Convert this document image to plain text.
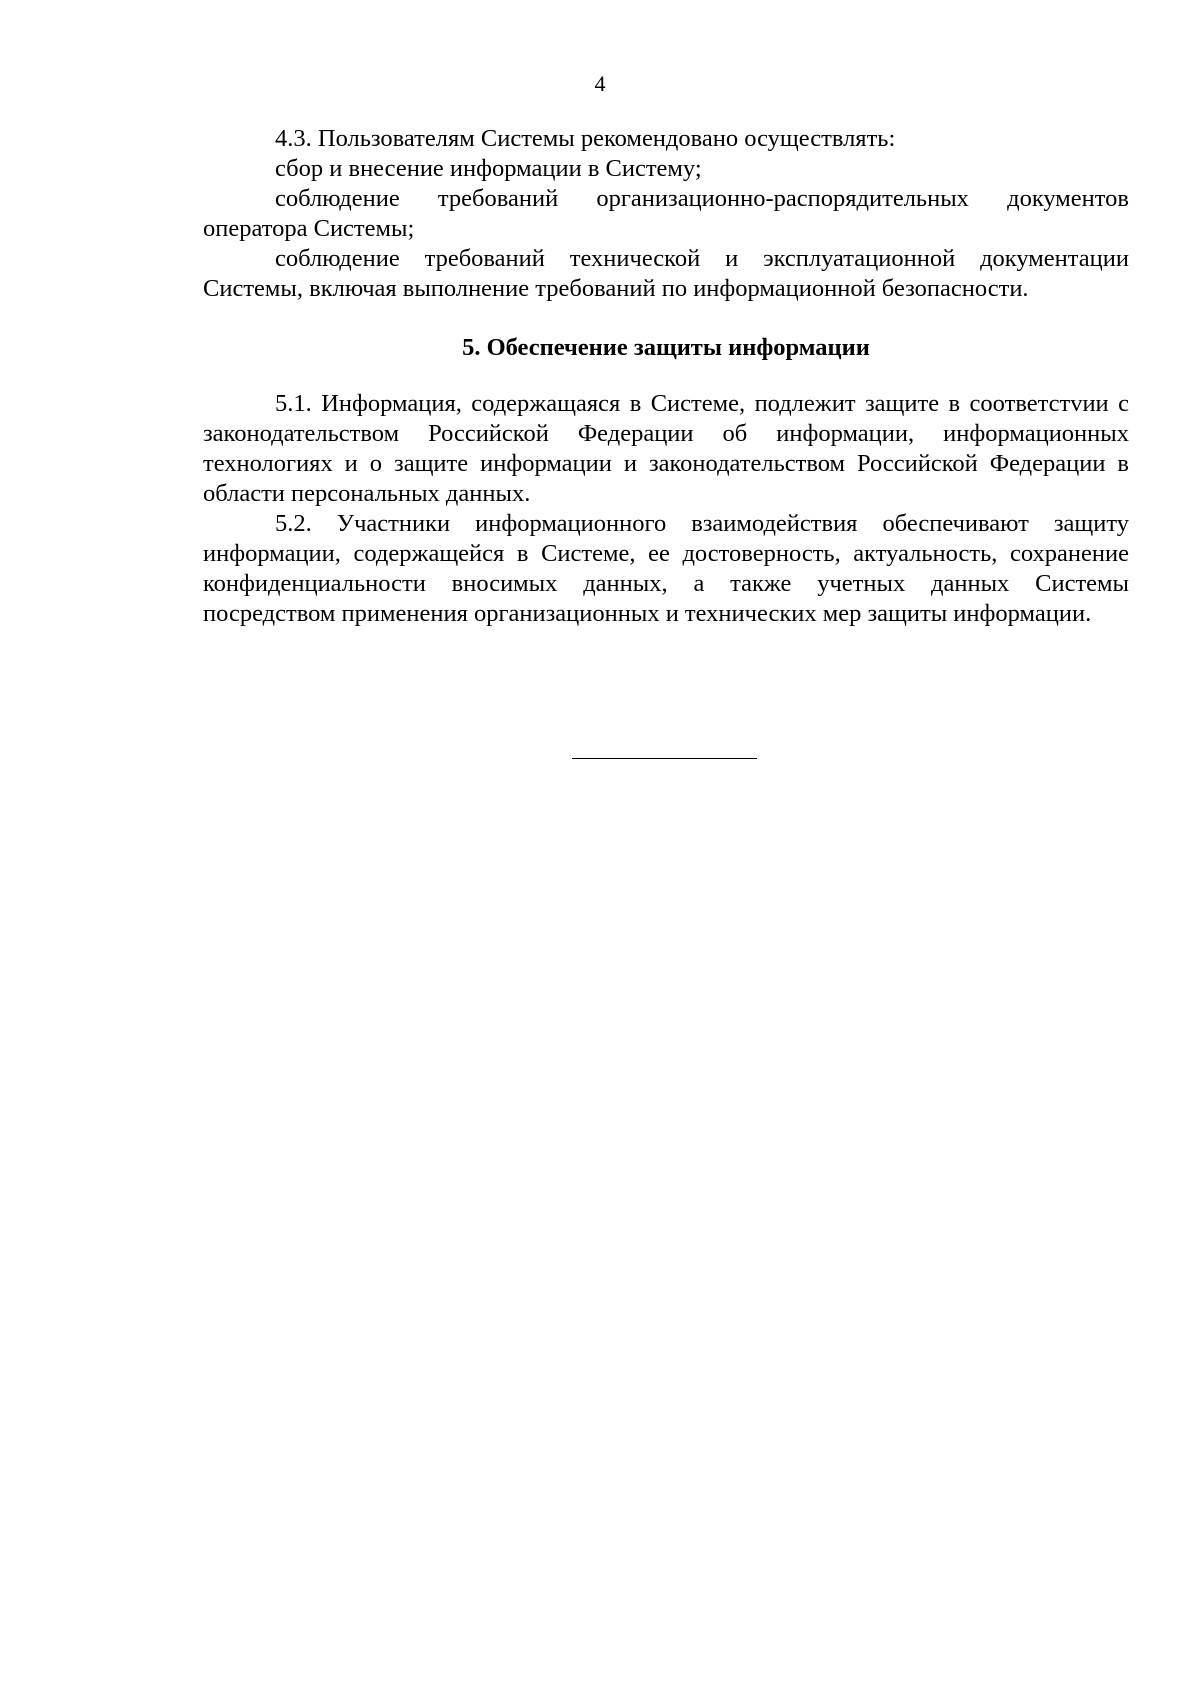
4

4.3. Пользователям Системы рекомендовано осуществлять:

сбор и внесение информации в Систему;

соблюдение требований организационно-распорядительных документов оператора Системы;

соблюдение требований технической и эксплуатационной документации Системы, включая выполнение требований по информационной безопасности.

5. Обеспечение защиты информации

5.1. Информация, содержащаяся в Системе, подлежит защите в соответстvии с законодательством Российской Федерации об информации, информационных технологиях и о защите информации и законодательством Российской Федерации в области персональных данных.

5.2. Участники информационного взаимодействия обеспечивают защиту информации, содержащейся в Системе, ее достоверность, актуальность, сохранение конфиденциальности вносимых данных, а также учетных данных Системы посредством применения организационных и технических мер защиты информации.
